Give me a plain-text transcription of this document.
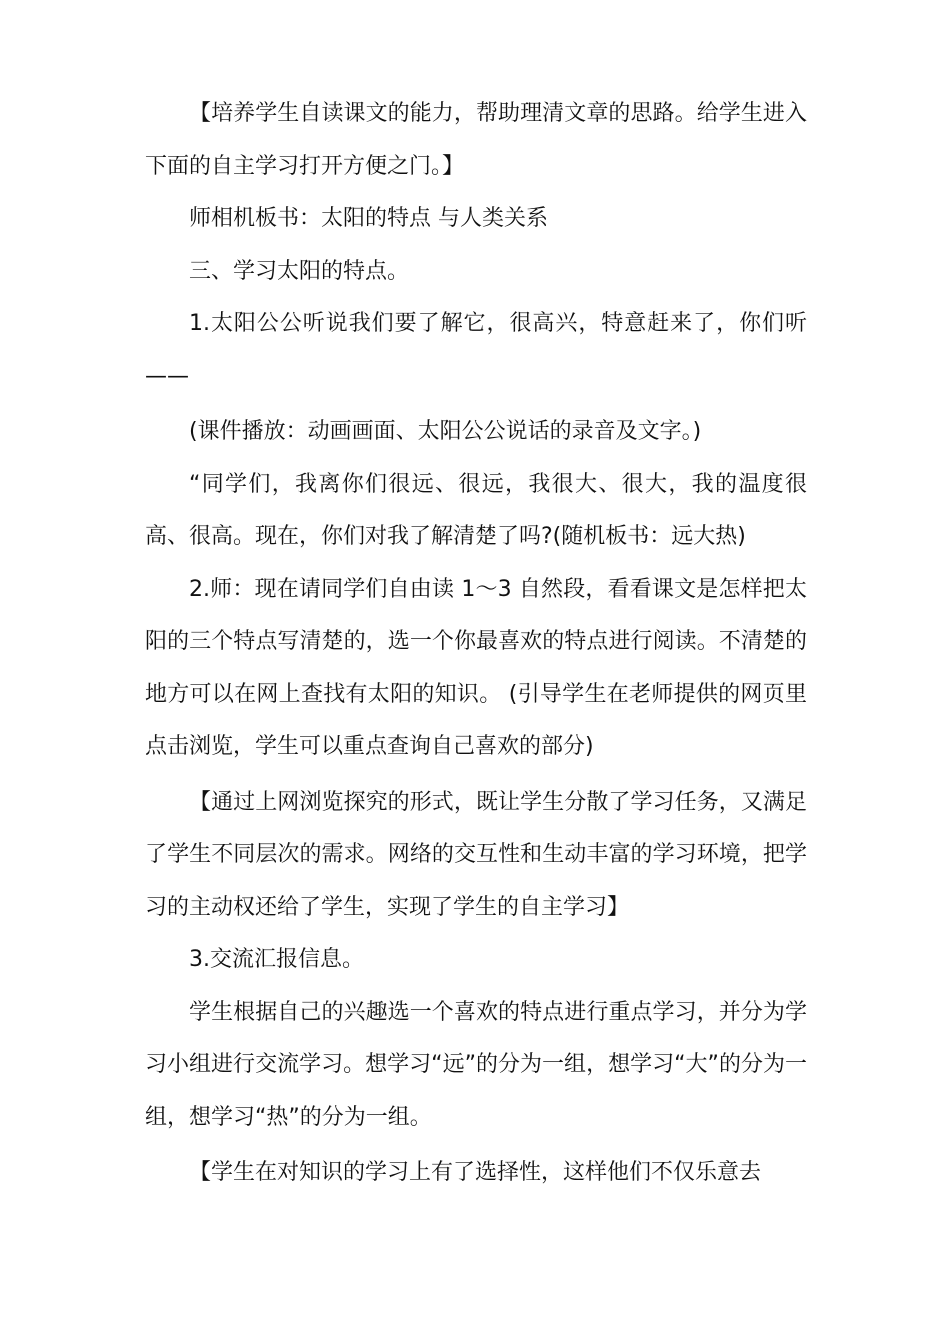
【培养学生自读课文的能力，帮助理清文章的思路。给学生进入下面的自主学习打开方便之门。】

师相机板书：太阳的特点 与人类关系

三、学习太阳的特点。

1.太阳公公听说我们要了解它，很高兴，特意赶来了，你们听——

(课件播放：动画画面、太阳公公说话的录音及文字。)

“同学们，我离你们很远、很远，我很大、很大，我的温度很高、很高。现在，你们对我了解清楚了吗?(随机板书：远大热)

2.师：现在请同学们自由读 1～3 自然段，看看课文是怎样把太阳的三个特点写清楚的，选一个你最喜欢的特点进行阅读。不清楚的地方可以在网上查找有太阳的知识。 (引导学生在老师提供的网页里点击浏览，学生可以重点查询自己喜欢的部分)

【通过上网浏览探究的形式，既让学生分散了学习任务，又满足了学生不同层次的需求。网络的交互性和生动丰富的学习环境，把学习的主动权还给了学生，实现了学生的自主学习】

3.交流汇报信息。

学生根据自己的兴趣选一个喜欢的特点进行重点学习，并分为学习小组进行交流学习。想学习“远”的分为一组，想学习“大”的分为一组，想学习“热”的分为一组。

【学生在对知识的学习上有了选择性，这样他们不仅乐意去
